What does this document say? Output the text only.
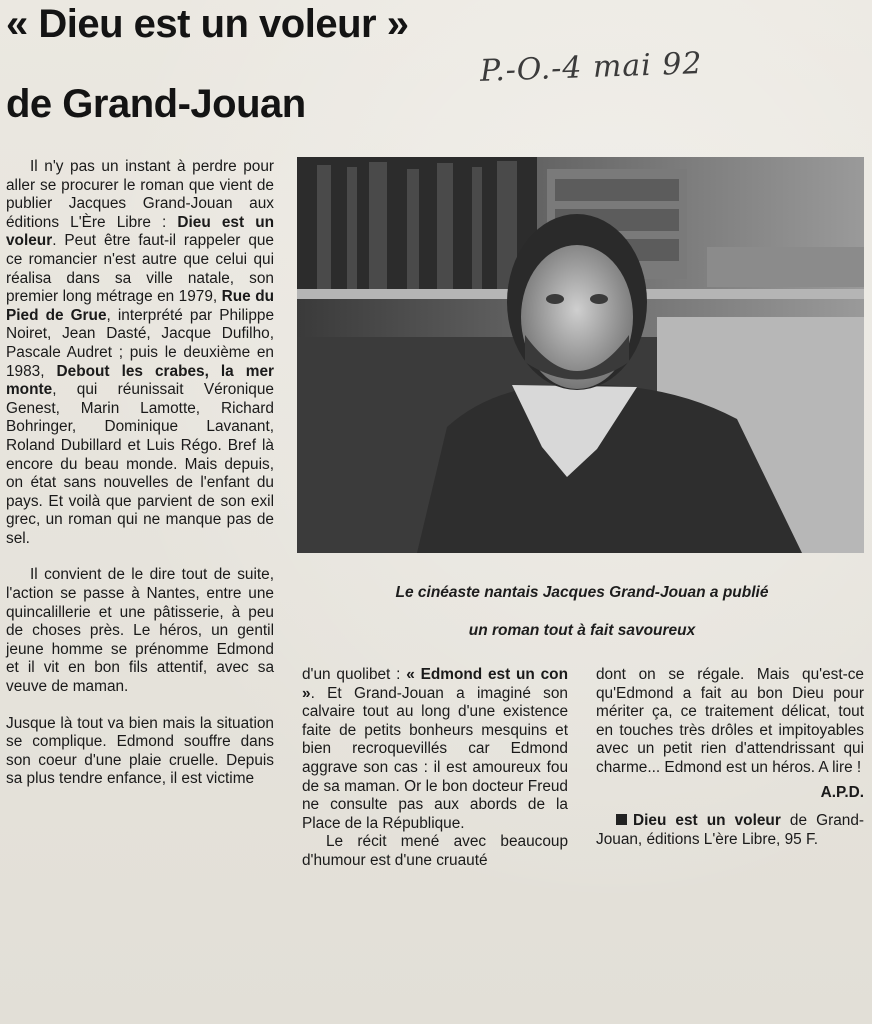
« Dieu est un voleur »
de Grand-Jouan
P.-O.-4 mai 92

Il n'y pas un instant à perdre pour aller se procurer le roman que vient de publier Jacques Grand-Jouan aux éditions L'Ère Libre : Dieu est un voleur. Peut être faut-il rappeler que ce romancier n'est autre que celui qui réalisa dans sa ville natale, son premier long métrage en 1979, Rue du Pied de Grue, interprété par Philippe Noiret, Jean Dasté, Jacque Dufilho, Pascale Audret ; puis le deuxième en 1983, Debout les crabes, la mer monte, qui réunissait Véronique Genest, Marin Lamotte, Richard Bohringer, Dominique Lavanant, Roland Dubillard et Luis Régo. Bref là encore du beau monde. Mais depuis, on état sans nouvelles de l'enfant du pays. Et voilà que parvient de son exil grec, un roman qui ne manque pas de sel.

Il convient de le dire tout de suite, l'action se passe à Nantes, entre une quincalillerie et une pâtisserie, à peu de choses près. Le héros, un gentil jeune homme se prénomme Edmond et il vit en bon fils attentif, avec sa veuve de maman.

Jusque là tout va bien mais la situation se complique. Edmond souffre dans son coeur d'une plaie cruelle. Depuis sa plus tendre enfance, il est victime

Le cinéaste nantais Jacques Grand-Jouan a publié

un roman tout à fait savoureux

d'un quolibet : « Edmond est un con ». Et Grand-Jouan a imaginé son calvaire tout au long d'une existence faite de petits bonheurs mesquins et bien recroquevillés car Edmond aggrave son cas : il est amoureux fou de sa maman. Or le bon docteur Freud ne consulte pas aux abords de la Place de la République.

Le récit mené avec beaucoup d'humour est d'une cruauté

dont on se régale. Mais qu'est-ce qu'Edmond a fait au bon Dieu pour mériter ça, ce traitement délicat, tout en touches très drôles et impitoyables avec un petit rien d'attendrissant qui charme... Edmond est un héros. A lire !

A.P.D.

Dieu est un voleur de Grand-Jouan, éditions L'ère Libre, 95 F.
